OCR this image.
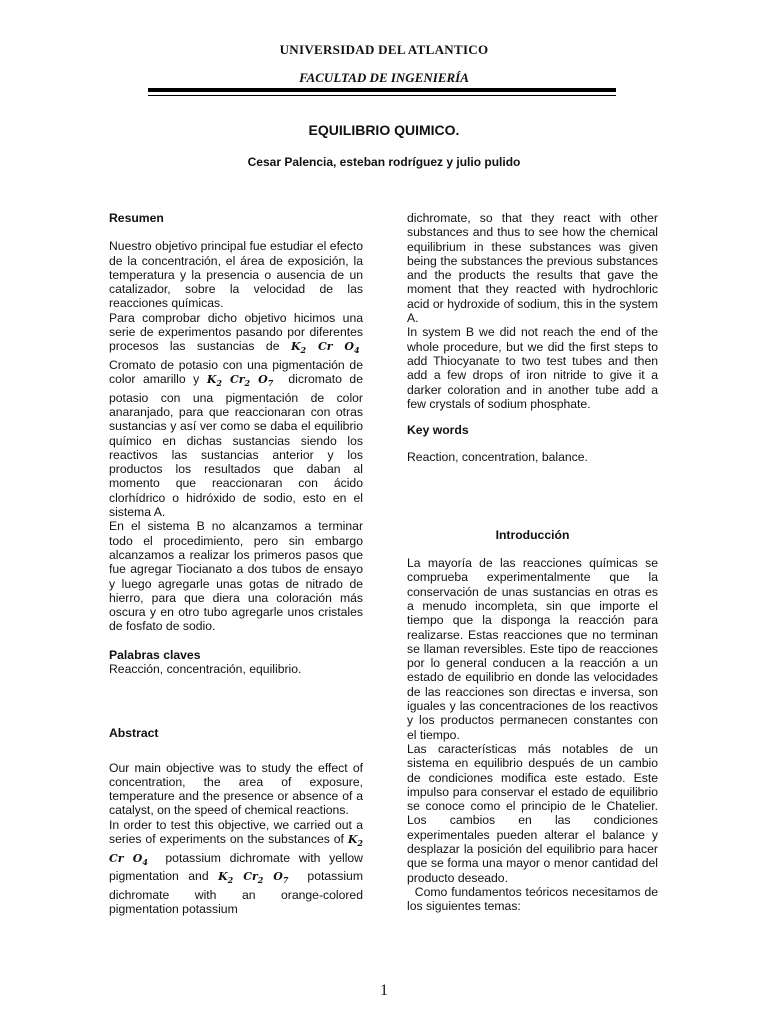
UNIVERSIDAD DEL ATLANTICO
FACULTAD DE INGENIERÍA
EQUILIBRIO QUIMICO.
Cesar Palencia, esteban rodríguez y julio pulido

Resumen

Nuestro objetivo principal fue estudiar el efecto de la concentración, el área de exposición, la temperatura y la presencia o ausencia de un catalizador, sobre la velocidad de las reacciones químicas.

Para comprobar dicho objetivo hicimos una serie de experimentos pasando por diferentes procesos las sustancias de $K_2$ Cr $O_4$  Cromato de potasio con una pigmentación de color amarillo y $K_2$ $Cr_2$ $O_7$ dicromato de potasio con una pigmentación de color anaranjado, para que reaccionaran con otras sustancias y así ver como se daba el equilibrio químico en dichas sustancias siendo los reactivos las sustancias anterior y los productos los resultados que daban al momento que reaccionaran con ácido clorhídrico o hidróxido de sodio, esto en el sistema A.

En el sistema B no alcanzamos a terminar todo el procedimiento, pero sin embargo alcanzamos a realizar los primeros pasos que fue agregar Tiocianato a dos tubos de ensayo y luego agregarle unas gotas de nitrado de hierro, para que diera una coloración más oscura y en otro tubo agregarle unos cristales de fosfato de sodio.

Palabras claves

Reacción, concentración, equilibrio.

Abstract

Our main objective was to study the effect of concentration, the area of exposure, temperature and the presence or absence of a catalyst, on the speed of chemical reactions.

In order to test this objective, we carried out a series of experiments on the substances of $K_2$ Cr $O_4$ potassium dichromate with yellow pigmentation and $K_2$ $Cr_2$ $O_7$ potassium dichromate with an orange-colored pigmentation potassium

dichromate, so that they react with other substances and thus to see how the chemical equilibrium in these substances was given being the substances the previous substances and the products the results that gave the moment that they reacted with hydrochloric acid or hydroxide of sodium, this in the system A.

In system B we did not reach the end of the whole procedure, but we did the first steps to add Thiocyanate to two test tubes and then add a few drops of iron nitride to give it a darker coloration and in another tube add a few crystals of sodium phosphate.

Key words

Reaction, concentration, balance.

Introducción

La mayoría de las reacciones químicas se comprueba experimentalmente que la conservación de unas sustancias en otras es a menudo incompleta, sin que importe el tiempo que la disponga la reacción para realizarse. Estas reacciones que no terminan se llaman reversibles. Este tipo de reacciones por lo general conducen a la reacción a un estado de equilibrio en donde las velocidades de las reacciones son directas e inversa, son iguales y las concentraciones de los reactivos y los productos permanecen constantes con el tiempo.

Las características más notables de un sistema en equilibrio después de un cambio de condiciones modifica este estado. Este impulso para conservar el estado de equilibrio se conoce como el principio de le Chatelier. Los cambios en las condiciones experimentales pueden alterar el balance y desplazar la posición del equilibrio para hacer que se forma una mayor o menor cantidad del producto deseado.

Como fundamentos teóricos necesitamos de los siguientes temas:

1
